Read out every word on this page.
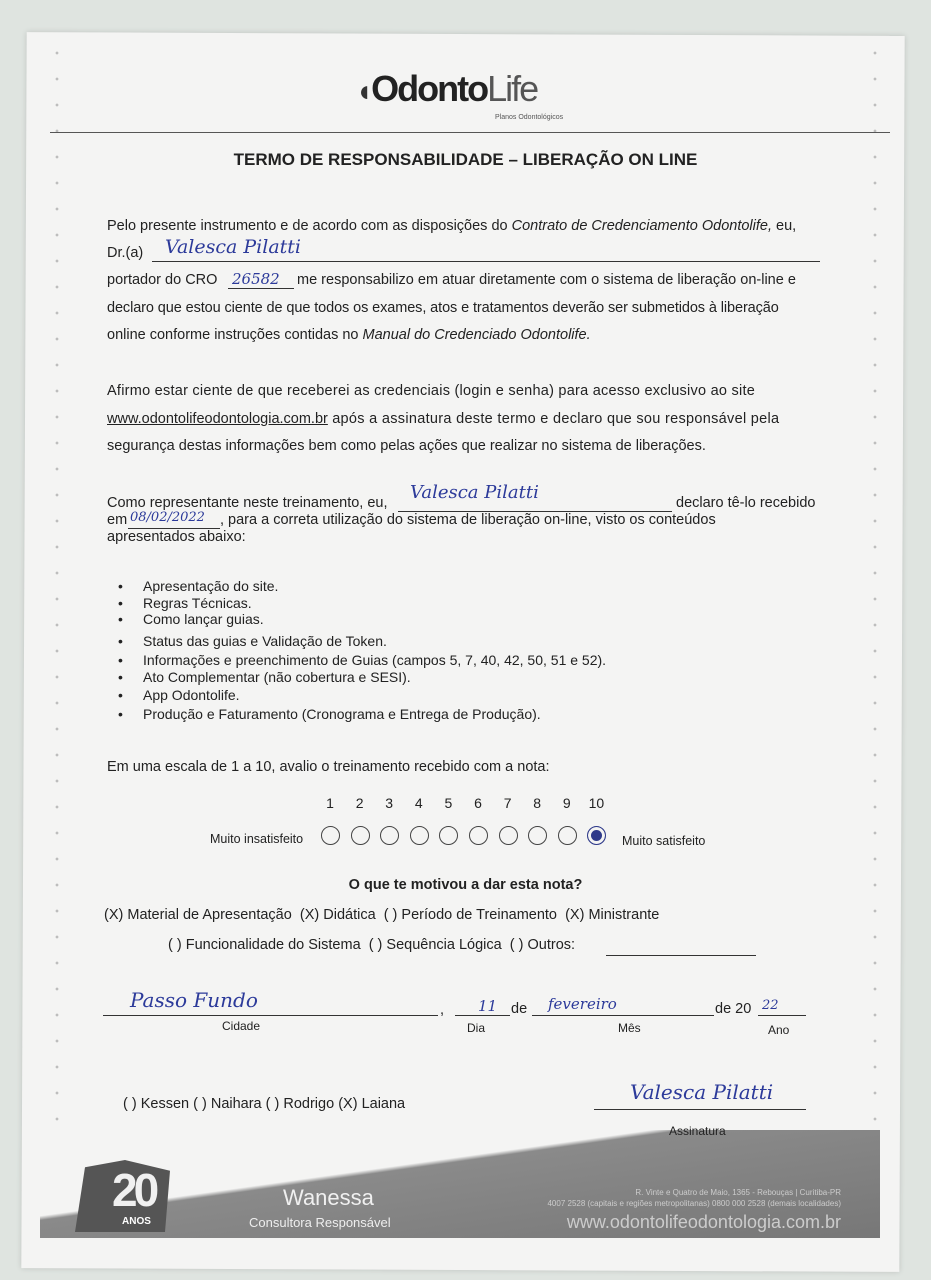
20
ANOS
Wanessa
Consultora Responsável
R. Vinte e Quatro de Maio, 1365 - Rebouças | Curitiba-PR
4007 2528 (capitais e regiões metropolitanas) 0800 000 2528 (demais localidades)
www.odontolifeodontologia.com.br
◖OdontoLife
Planos Odontológicos
TERMO DE RESPONSABILIDADE – LIBERAÇÃO ON LINE
Pelo presente instrumento e de acordo com as disposições do Contrato de Credenciamento Odontolife, eu,
Dr.(a) Valesca Pilatti
portador do CRO 26582 me responsabilizo em atuar diretamente com o sistema de liberação on-line e
declaro que estou ciente de que todos os exames, atos e tratamentos deverão ser submetidos à liberação
online conforme instruções contidas no Manual do Credenciado Odontolife.
Afirmo estar ciente de que receberei as credenciais (login e senha) para acesso exclusivo ao site
www.odontolifeodontologia.com.br após a assinatura deste termo e declaro que sou responsável pela
segurança destas informações bem como pelas ações que realizar no sistema de liberações.
Como representante neste treinamento, eu, Valesca Pilatti	declaro tê-lo recebido
em 08/02/2022 , para a correta utilização do sistema de liberação on-line, visto os conteúdos
apresentados abaixo:
• Apresentação do site.
• Regras Técnicas.
• Como lançar guias.
• Status das guias e Validação de Token.
• Informações e preenchimento de Guias (campos 5, 7, 40, 42, 50, 51 e 52).
• Ato Complementar (não cobertura e SESI).
• App Odontolife.
• Produção e Faturamento (Cronograma e Entrega de Produção).
Em uma escala de 1 a 10, avalio o treinamento recebido com a nota:
1	2	3	4	5	6	7	8	9	10
Muito insatisfeito	Muito satisfeito
O que te motivou a dar esta nota?
(X) Material de Apresentação (X) Didática ( ) Período de Treinamento (X) Ministrante
( ) Funcionalidade do Sistema ( ) Sequência Lógica ( ) Outros:
Passo Fundo
Cidade
, 11
Dia
de fevereiro
Mês
de 20 22
Ano
( ) Kessen ( ) Naihara ( ) Rodrigo (X) Laiana	Valesca Pilatti
Assinatura
